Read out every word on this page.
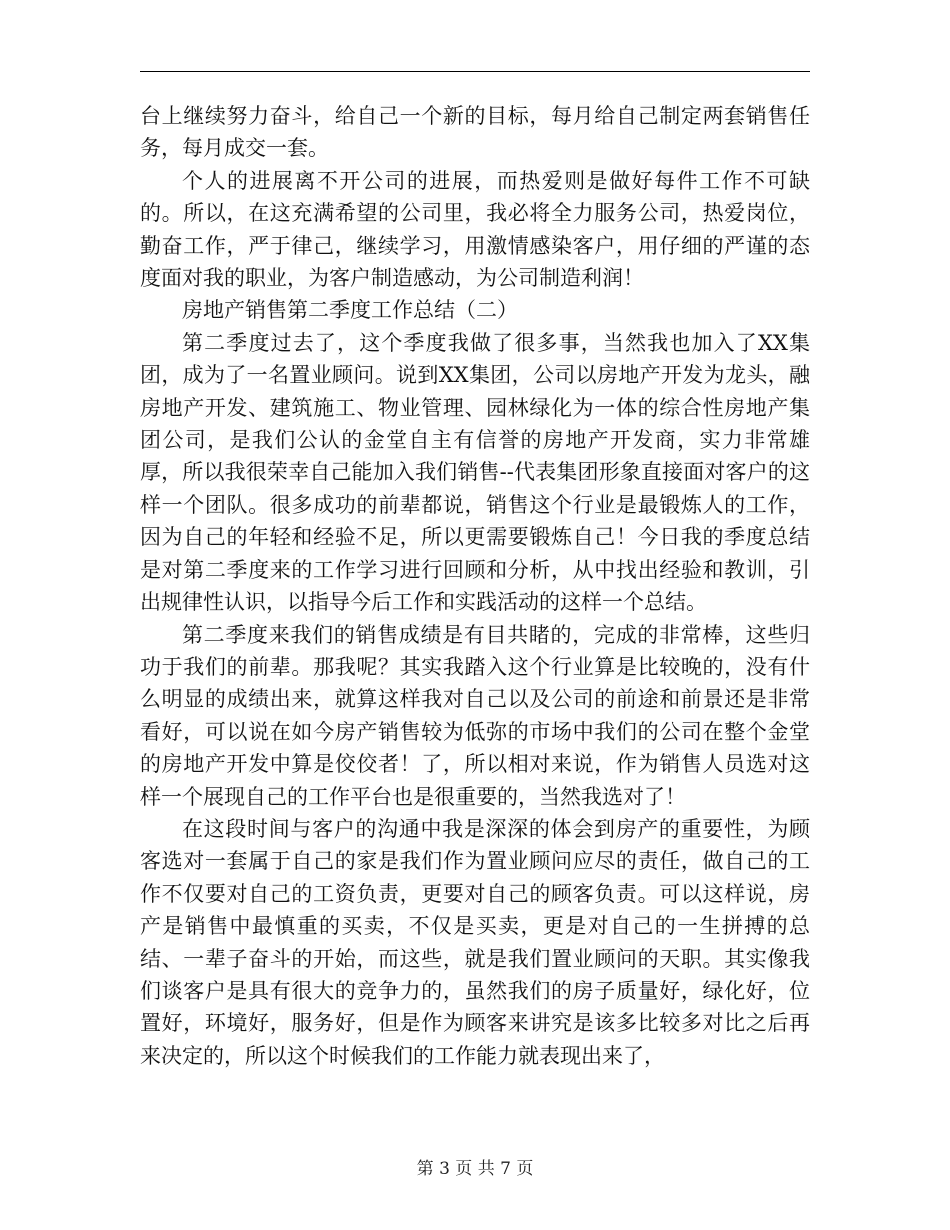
台上继续努力奋斗，给自己一个新的目标，每月给自己制定两套销售任务，每月成交一套。

个人的进展离不开公司的进展，而热爱则是做好每件工作不可缺的。所以，在这充满希望的公司里，我必将全力服务公司，热爱岗位，勤奋工作，严于律己，继续学习，用激情感染客户，用仔细的严谨的态度面对我的职业，为客户制造感动，为公司制造利润！

房地产销售第二季度工作总结（二）

第二季度过去了，这个季度我做了很多事，当然我也加入了XX集团，成为了一名置业顾问。说到XX集团，公司以房地产开发为龙头，融房地产开发、建筑施工、物业管理、园林绿化为一体的综合性房地产集团公司，是我们公认的金堂自主有信誉的房地产开发商，实力非常雄厚，所以我很荣幸自己能加入我们销售--代表集团形象直接面对客户的这样一个团队。很多成功的前辈都说，销售这个行业是最锻炼人的工作，因为自己的年轻和经验不足，所以更需要锻炼自己！今日我的季度总结是对第二季度来的工作学习进行回顾和分析，从中找出经验和教训，引出规律性认识，以指导今后工作和实践活动的这样一个总结。

第二季度来我们的销售成绩是有目共睹的，完成的非常棒，这些归功于我们的前辈。那我呢？其实我踏入这个行业算是比较晚的，没有什么明显的成绩出来，就算这样我对自己以及公司的前途和前景还是非常看好，可以说在如今房产销售较为低弥的市场中我们的公司在整个金堂的房地产开发中算是佼佼者！了，所以相对来说，作为销售人员选对这样一个展现自己的工作平台也是很重要的，当然我选对了！

在这段时间与客户的沟通中我是深深的体会到房产的重要性，为顾客选对一套属于自己的家是我们作为置业顾问应尽的责任，做自己的工作不仅要对自己的工资负责，更要对自己的顾客负责。可以这样说，房产是销售中最慎重的买卖，不仅是买卖，更是对自己的一生拼搏的总结、一辈子奋斗的开始，而这些，就是我们置业顾问的天职。其实像我们谈客户是具有很大的竞争力的，虽然我们的房子质量好，绿化好，位置好，环境好，服务好，但是作为顾客来讲究是该多比较多对比之后再来决定的，所以这个时候我们的工作能力就表现出来了，

第 3 页 共 7 页
